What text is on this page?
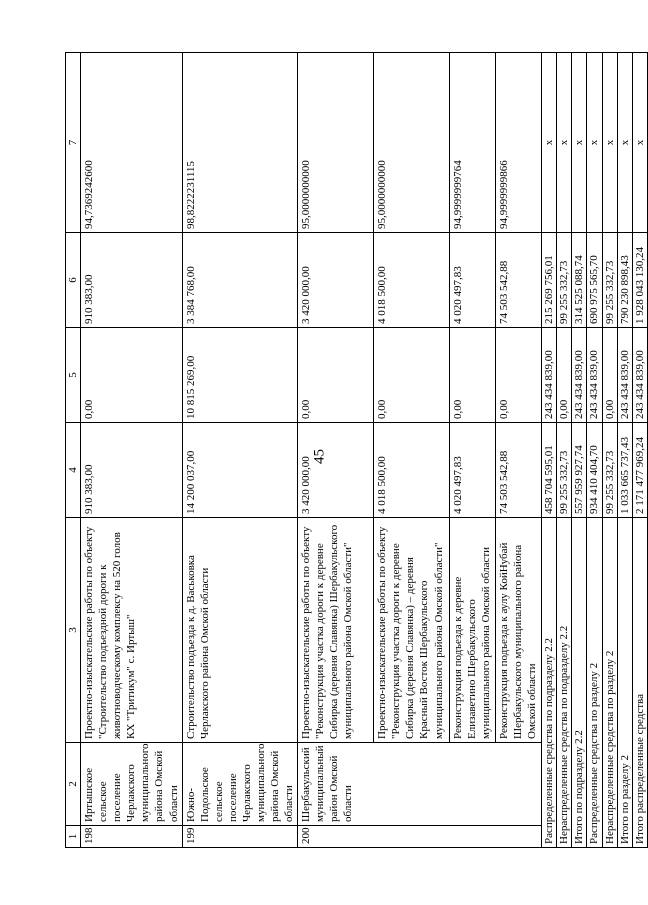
45
1	2	3	4	5	6	7
198	Иртышское сельское поселение Черлакского муниципального района Омской области	Проектно-изыскательские работы по объекту "Строительство подъездной дороги к животноводческому комплексу на 520 голов КХ "Тритикум" с. Иртыш"	910 383,00	0,00	910 383,00	94,7369242600
199	Южно-Подольское сельское поселение Черлакского муниципального района Омской области	Строительство подъезда к д. Васьковка Черлакского района Омской области	14 200 037,00	10 815 269,00	3 384 768,00	98,8222231115
200	Шербакульский муниципальный район Омской области	Проектно-изыскательские работы по объекту "Реконструкция участка дороги к деревне Сибирка (деревня Славянка) Шербакульского муниципального района Омской области"	3 420 000,00	0,00	3 420 000,00	95,0000000000
		Проектно-изыскательские работы по объекту "Реконструкция участка дороги к деревне Сибирка (деревня Славянка) – деревня Красный Восток Шербакульского муниципального района Омской области"	4 018 500,00	0,00	4 018 500,00	95,0000000000
		Реконструкция подъезда к деревне Елизаветино Шербакульского муниципального района Омской области	4 020 497,83	0,00	4 020 497,83	94,9999999764
		Реконструкция подъезда к аулу КойНубай Шербакульского муниципального района Омской области	74 503 542,88	0,00	74 503 542,88	94,9999999866
Распределенные средства по подразделу 2.2			458 704 595,01	243 434 839,00	215 269 756,01	x
Нераспределенные средства по подразделу 2.2			99 255 332,73	0,00	99 255 332,73	x
Итого по подразделу 2.2			557 959 927,74	243 434 839,00	314 525 088,74	x
Распределенные средства по разделу 2			934 410 404,70	243 434 839,00	690 975 565,70	x
Нераспределенные средства по разделу 2			99 255 332,73	0,00	99 255 332,73	x
Итого по разделу 2			1 033 665 737,43	243 434 839,00	790 230 898,43	x
Итого распределенные средства			2 171 477 969,24	243 434 839,00	1 928 043 130,24	x
